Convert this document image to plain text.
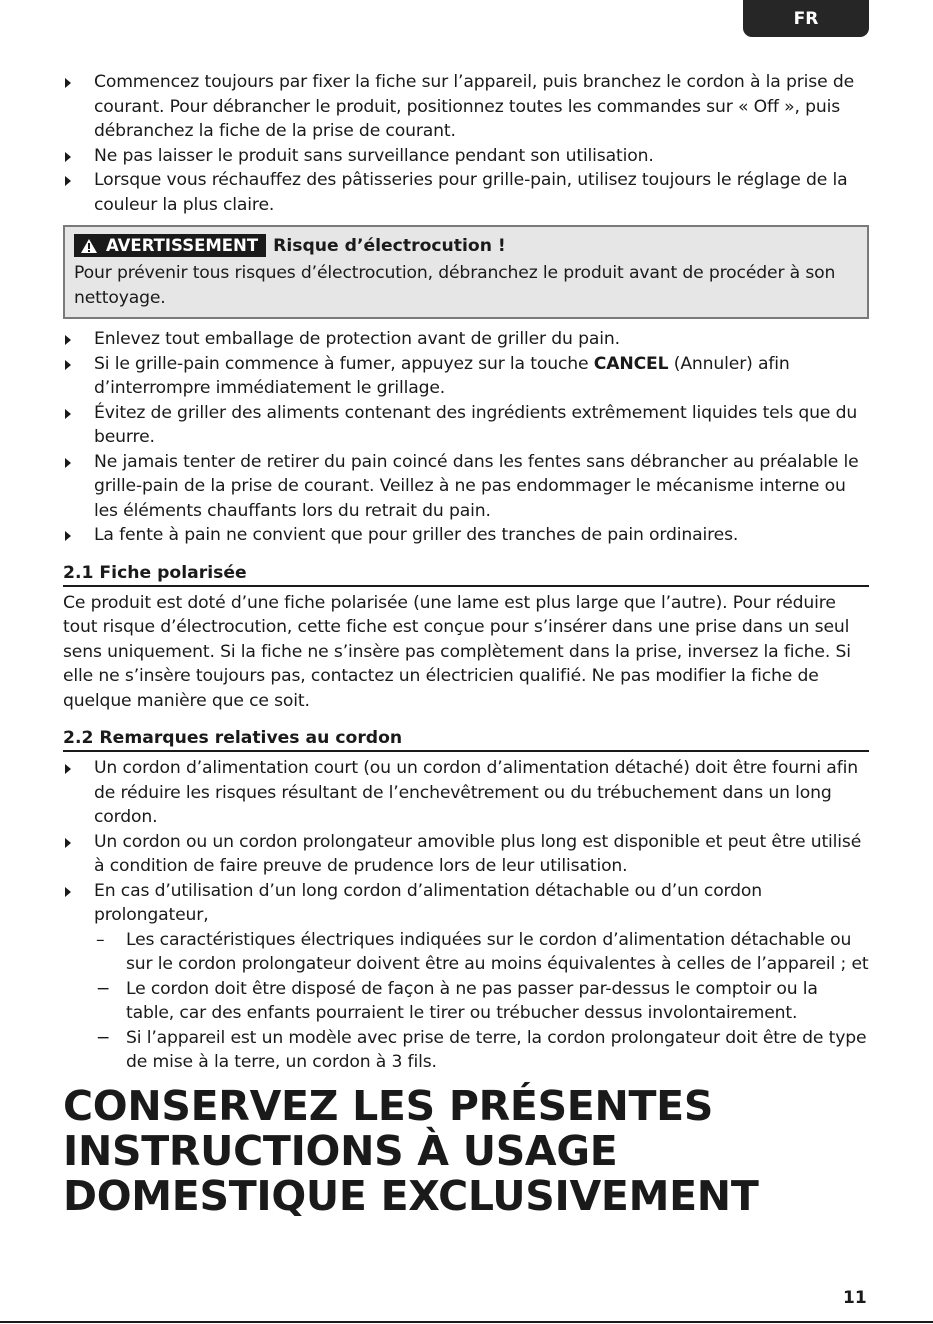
FR
Commencez toujours par fixer la fiche sur l’appareil, puis branchez le cordon à la prise de courant. Pour débrancher le produit, positionnez toutes les commandes sur « Off », puis débranchez la fiche de la prise de courant.
Ne pas laisser le produit sans surveillance pendant son utilisation.
Lorsque vous réchauffez des pâtisseries pour grille-pain, utilisez toujours le réglage de la couleur la plus claire.
AVERTISSEMENT Risque d’électrocution !
Pour prévenir tous risques d’électrocution, débranchez le produit avant de procéder à son nettoyage.
Enlevez tout emballage de protection avant de griller du pain.
Si le grille-pain commence à fumer, appuyez sur la touche CANCEL (Annuler) afin d’interrompre immédiatement le grillage.
Évitez de griller des aliments contenant des ingrédients extrêmement liquides tels que du beurre.
Ne jamais tenter de retirer du pain coincé dans les fentes sans débrancher au préalable le grille-pain de la prise de courant. Veillez à ne pas endommager le mécanisme interne ou les éléments chauffants lors du retrait du pain.
La fente à pain ne convient que pour griller des tranches de pain ordinaires.
2.1 Fiche polarisée

Ce produit est doté d’une fiche polarisée (une lame est plus large que l’autre). Pour réduire tout risque d’électrocution, cette fiche est conçue pour s’insérer dans une prise dans un seul sens uniquement. Si la fiche ne s’insère pas complètement dans la prise, inversez la fiche. Si elle ne s’insère toujours pas, contactez un électricien qualifié. Ne pas modifier la fiche de quelque manière que ce soit.

2.2 Remarques relatives au cordon
Un cordon d’alimentation court (ou un cordon d’alimentation détaché) doit être fourni afin de réduire les risques résultant de l’enchevêtrement ou du trébuchement dans un long cordon.
Un cordon ou un cordon prolongateur amovible plus long est disponible et peut être utilisé à condition de faire preuve de prudence lors de leur utilisation.
En cas d’utilisation d’un long cordon d’alimentation détachable ou d’un cordon prolongateur,
– Les caractéristiques électriques indiquées sur le cordon d’alimentation détachable ou sur le cordon prolongateur doivent être au moins équivalentes à celles de l’appareil ; et
− Le cordon doit être disposé de façon à ne pas passer par-dessus le comptoir ou la table, car des enfants pourraient le tirer ou trébucher dessus involontairement.
− Si l’appareil est un modèle avec prise de terre, la cordon prolongateur doit être de type de mise à la terre, un cordon à 3 fils.
CONSERVEZ LES PRÉSENTES
INSTRUCTIONS À USAGE
DOMESTIQUE EXCLUSIVEMENT
11
